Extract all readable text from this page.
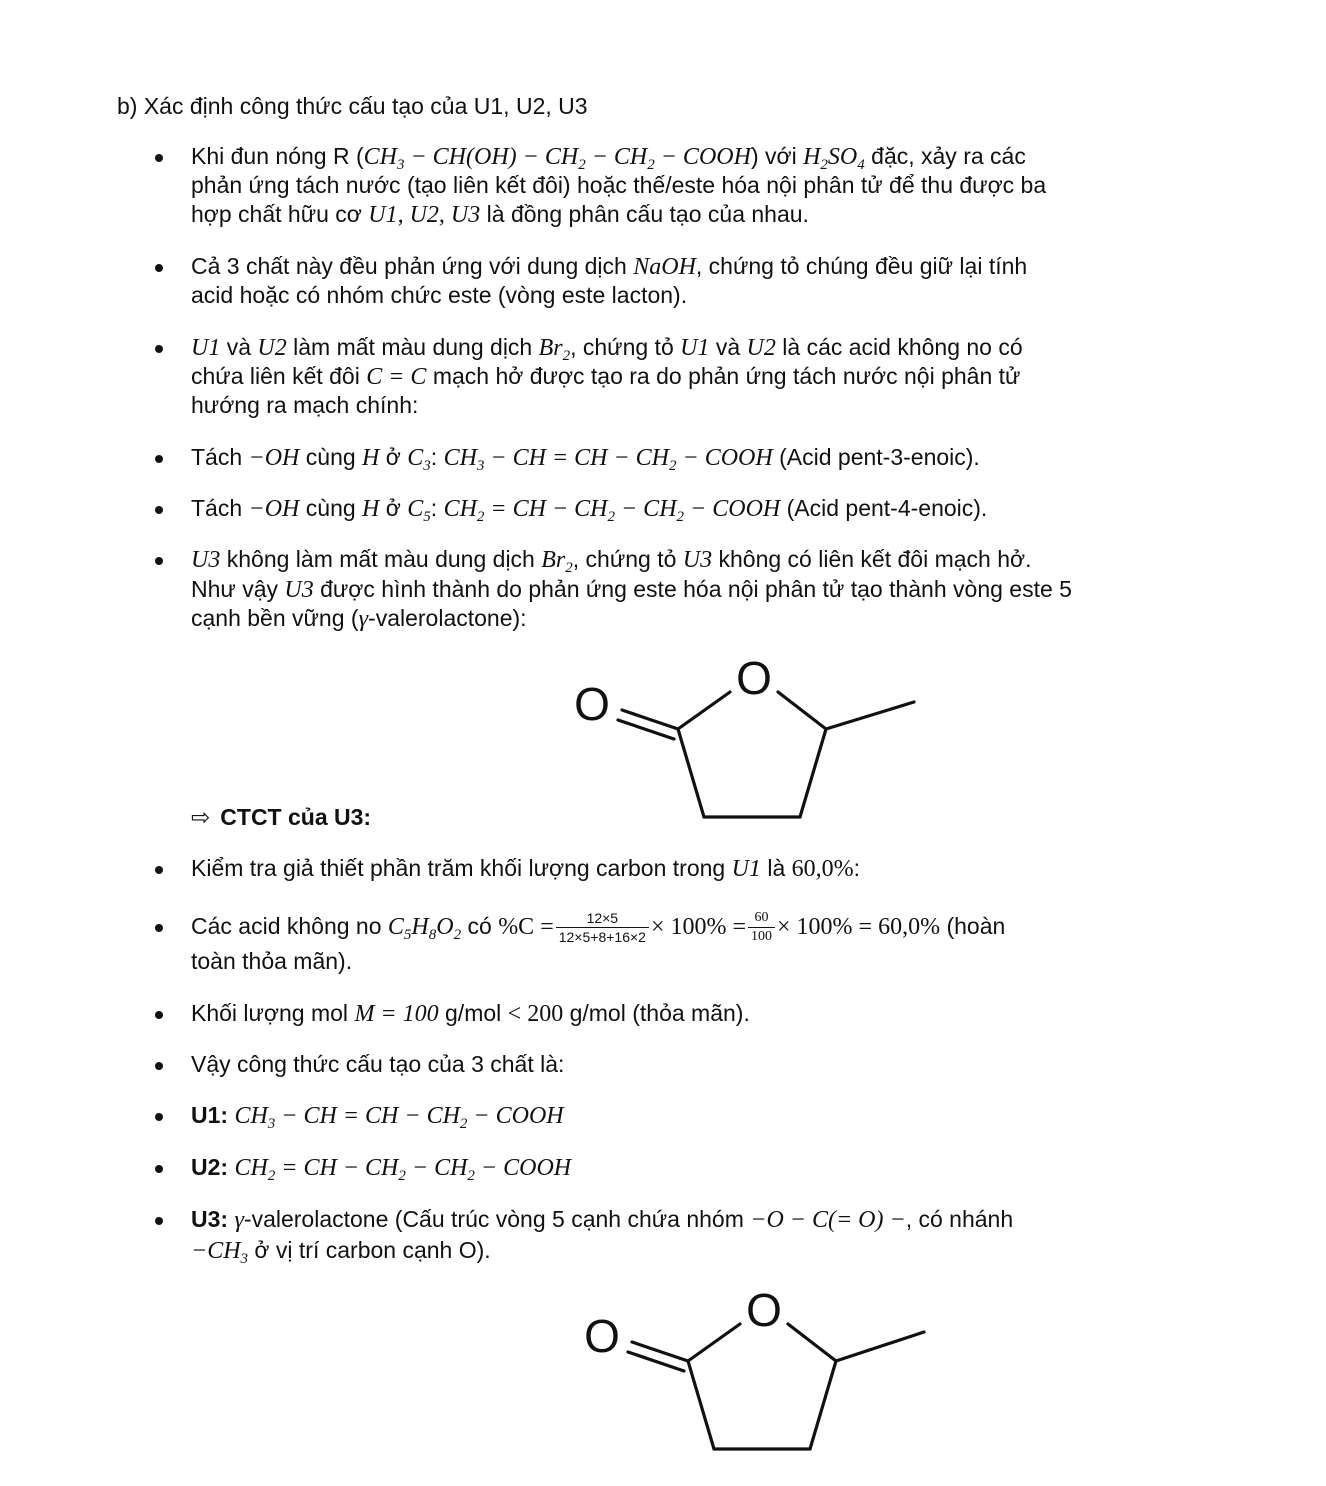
b) Xác định công thức cấu tạo của U1, U2, U3
Khi đun nóng R ($CH_3 - CH(OH) - CH_2 - CH_2$ − COOH) với $H_2SO_4$ đặc, xảy ra các
phản ứng tách nước (tạo liên kết đôi) hoặc thế/este hóa nội phân tử để thu được ba
hợp chất hữu cơ U1, U2, U3 là đồng phân cấu tạo của nhau.
Cả 3 chất này đều phản ứng với dung dịch NaOH, chứng tỏ chúng đều giữ lại tính
acid hoặc có nhóm chức este (vòng este lacton).
U1 và U2 làm mất màu dung dịch $Br_2$, chứng tỏ U1 và U2 là các acid không no có
chứa liên kết đôi C = C mạch hở được tạo ra do phản ứng tách nước nội phân tử
hướng ra mạch chính:
Tách −OH cùng H ở $C_3$: $CH_3$ − CH = CH − $CH_2$ − COOH (Acid pent-3-enoic).
Tách −OH cùng H ở $C_5$: $CH_2$ = CH − $CH_2 - CH_2$ − COOH (Acid pent-4-enoic).
U3 không làm mất màu dung dịch $Br_2$, chứng tỏ U3 không có liên kết đôi mạch hở.
Như vậy U3 được hình thành do phản ứng este hóa nội phân tử tạo thành vòng este 5
cạnh bền vững (γ-valerolactone):
O	O
⇨ CTCT của U3:
Kiểm tra giả thiết phần trăm khối lượng carbon trong U1 là 60,0%:
Các acid không no $C_5H_8O_2$ có $\%C = \frac{12\times 5}{12\times 5+8+16\times 2} \times 100\% = \frac{60}{100} \times 100\% = 60,0\%$ (hoàn
toàn thỏa mãn).
Khối lượng mol M = 100 g/mol < 200 g/mol (thỏa mãn).
Vậy công thức cấu tạo của 3 chất là:
U1: $CH_3$ − CH = CH − $CH_2$ − COOH
U2: $CH_2$ = CH − $CH_2 - CH_2$ − COOH
U3: γ-valerolactone (Cấu trúc vòng 5 cạnh chứa nhóm −O − C(= O) −, có nhánh
$-CH_3$ ở vị trí carbon cạnh O).
O	O
